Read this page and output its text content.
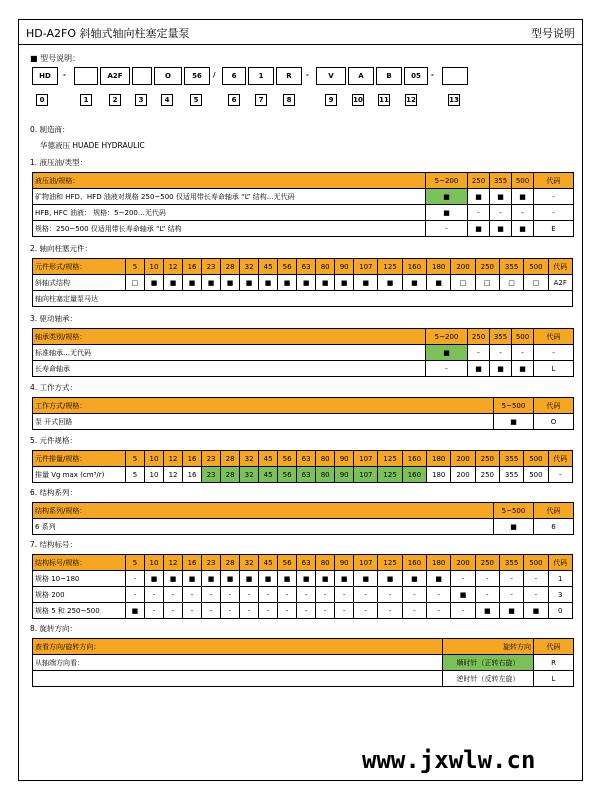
HD-A2FO 斜轴式轴向柱塞定量泵	型号说明
■ 型号说明：
HD	-	A2F	O	56	/	6	1	R	-	V	A	B	05	-
0	1	2	3	4	5	6	7	8	9	10 11 12	13
0. 制造商：
华德液压 HUADE HYDRAULIC
1. 液压油/类型：
液压油/规格：	5~200	250	355	500	代码
矿物油和 HFD、HFD 油液对规格 250~500 仅适用带长寿命轴承 “L” 结构…无代码	■	■	■	■	-
HFB, HFC 油液： 规格：5~200…无代码	■	-	-	-	-
规格：250~500 仅适用带长寿命轴承 “L” 结构	-	■	■	■	E
2. 轴向柱塞元件：
元件形式/规格：	5	10	12	16	23	28	32	45	56	63	80	90	107	125	160	180	200	250	355	500	代码
斜轴式结构	□	■	■	■	■	■	■	■	■	■	■	■	■	■	■	■	□	□	□	□	A2F
轴向柱塞定量泵马达																					
3. 驱动轴承：
轴承类别/规格：	5~200	250	355	500	代码
标准轴承…无代码	■	-	-	-	-
长寿命轴承	-	■	■	■	L
4. 工作方式：
工作方式/规格：	5~500	代码
泵 开式回路	■	O
5. 元件规格：
元件排量/规格：	5	10	12	16	23	28	32	45	56	63	80	90	107	125	160	180	200	250	355	500	代码
排量 Vg max (cm³/r)	5	10	12	16	23	28	32	45	56	63	80	90	107	125	160	180	200	250	355	500	-
6. 结构系列：
结构系列/规格：	5~500	代码
6 系列	■	6
7. 结构标号：
结构标号/规格：	5	10	12	16	23	28	32	45	56	63	80	90	107	125	160	180	200	250	355	500	代码
规格 10~180	-	■	■	■	■	■	■	■	■	■	■	■	■	■	■	■	-	-	-	-	1
规格 200	-	-	-	-	-	-	-	-	-	-	-	-	-	-	-	-	■	-	-	-	3
规格 5 和 250~500	■	-	-	-	-	-	-	-	-	-	-	-	-	-	-	-	-	■	■	■	0
8. 旋转方向：
查看方向/旋转方向：	旋转方向	代码
从轴端方向看：	顺时针（正转右旋）	R
	逆时针（反转左旋）	L
www.jxwlw.cn
